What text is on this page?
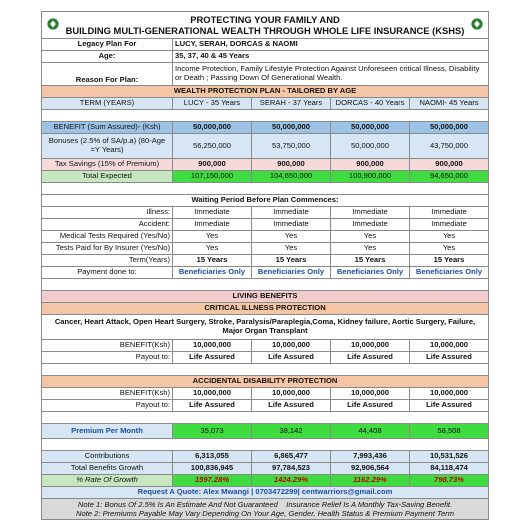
PROTECTING YOUR FAMILY AND
BUILDING MULTI-GENERATIONAL WEALTH THROUGH WHOLE LIFE INSURANCE (KSHS)				

Legacy Plan For	LUCY, SERAH, DORCAS & NAOMI			
Age:	35, 37, 40 & 45 Years			
Reason For Plan:	Income Protection, Family Lifestyle Protection Against Unforeseen critical Illness, Disability or Death ; Passing Down Of Generational Wealth.			
WEALTH PROTECTION PLAN - TAILORED BY AGE				
TERM (YEARS)	LUCY - 35 Years	SERAH - 37 Years	DORCAS - 40 Years	NAOMI- 45 Years

BENEFIT (Sum Assured)- (Ksh)	50,000,000	50,000,000	50,000,000	50,000,000
Bonuses (2.5% of SA/p.a) (80-Age =Y Years)	56,250,000	53,750,000	50,000,000	43,750,000
Tax Savings (15% of Premium)	900,000	900,000	900,000	900,000
Total Expected	107,150,000	104,650,000	100,900,000	94,650,000

Waiting Period Before Plan Commences:				
Illness:	Immediate	Immediate	Immediate	Immediate
Accident:	Immediate	Immediate	Immediate	Immediate
Medical Tests Required (Yes/No)	Yes	Yes	Yes	Yes
Tests Paid for By Insurer (Yes/No)	Yes	Yes	Yes	Yes
Term(Years)	15 Years	15 Years	15 Years	15 Years
Payment done to:	Beneficiaries Only	Beneficiaries Only	Beneficiaries Only	Beneficiaries Only

LIVING BENEFITS				
CRITICAL ILLNESS PROTECTION				
Cancer, Heart Attack, Open Heart Surgery, Stroke, Paralysis/Paraplegia,Coma, Kidney failure, Aortic Surgery, Failure, Major Organ Transplant				
BENEFIT(Ksh)	10,000,000	10,000,000	10,000,000	10,000,000
Payout to:	Life Assured	Life Assured	Life Assured	Life Assured

ACCIDENTAL DISABILITY PROTECTION				
BENEFIT(Ksh)	10,000,000	10,000,000	10,000,000	10,000,000
Payout to:	Life Assured	Life Assured	Life Assured	Life Assured

Premium Per Month	35,073	38,142	44,408	58,508

Contributions	6,313,055	6,865,477	7,993,436	10,531,526
Total Benefits Growth	100,836,945	97,784,523	92,906,564	84,118,474
% Rate Of Growth	1597.28%	1424.29%	1162.29%	798.73%
Request A Quote: Alex Mwangi | 0703472299| centwarriors@gmail.com				

Note 1: Bonus Of 2.5% Is An Estimate And Not Guaranteed    Insurance Relief Is A Monthly Tax-Saving Benefit.
Note 2: Premiums Payable May Vary Depending On Your Age, Gender, Health Status & Premium Payment Term				
